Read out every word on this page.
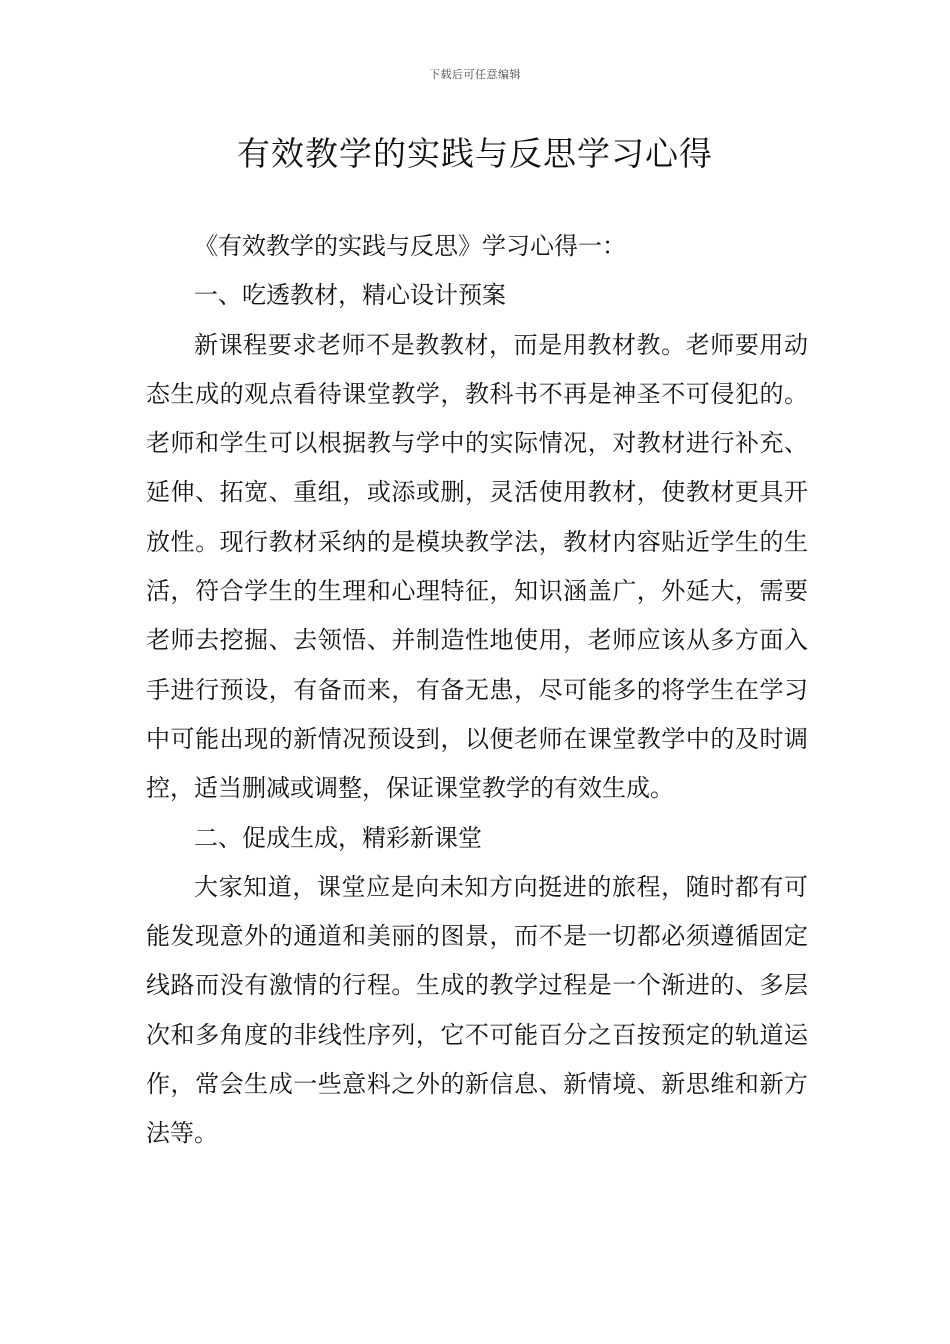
下载后可任意编辑
有效教学的实践与反思学习心得

《有效教学的实践与反思》学习心得一：

一、吃透教材，精心设计预案

新课程要求老师不是教教材，而是用教材教。老师要用动态生成的观点看待课堂教学，教科书不再是神圣不可侵犯的。老师和学生可以根据教与学中的实际情况，对教材进行补充、延伸、拓宽、重组，或添或删，灵活使用教材，使教材更具开放性。现行教材采纳的是模块教学法，教材内容贴近学生的生活，符合学生的生理和心理特征，知识涵盖广，外延大，需要老师去挖掘、去领悟、并制造性地使用，老师应该从多方面入手进行预设，有备而来，有备无患，尽可能多的将学生在学习中可能出现的新情况预设到，以便老师在课堂教学中的及时调控，适当删减或调整，保证课堂教学的有效生成。

二、促成生成，精彩新课堂

大家知道，课堂应是向未知方向挺进的旅程，随时都有可能发现意外的通道和美丽的图景，而不是一切都必须遵循固定线路而没有激情的行程。生成的教学过程是一个渐进的、多层次和多角度的非线性序列，它不可能百分之百按预定的轨道运作，常会生成一些意料之外的新信息、新情境、新思维和新方法等。
